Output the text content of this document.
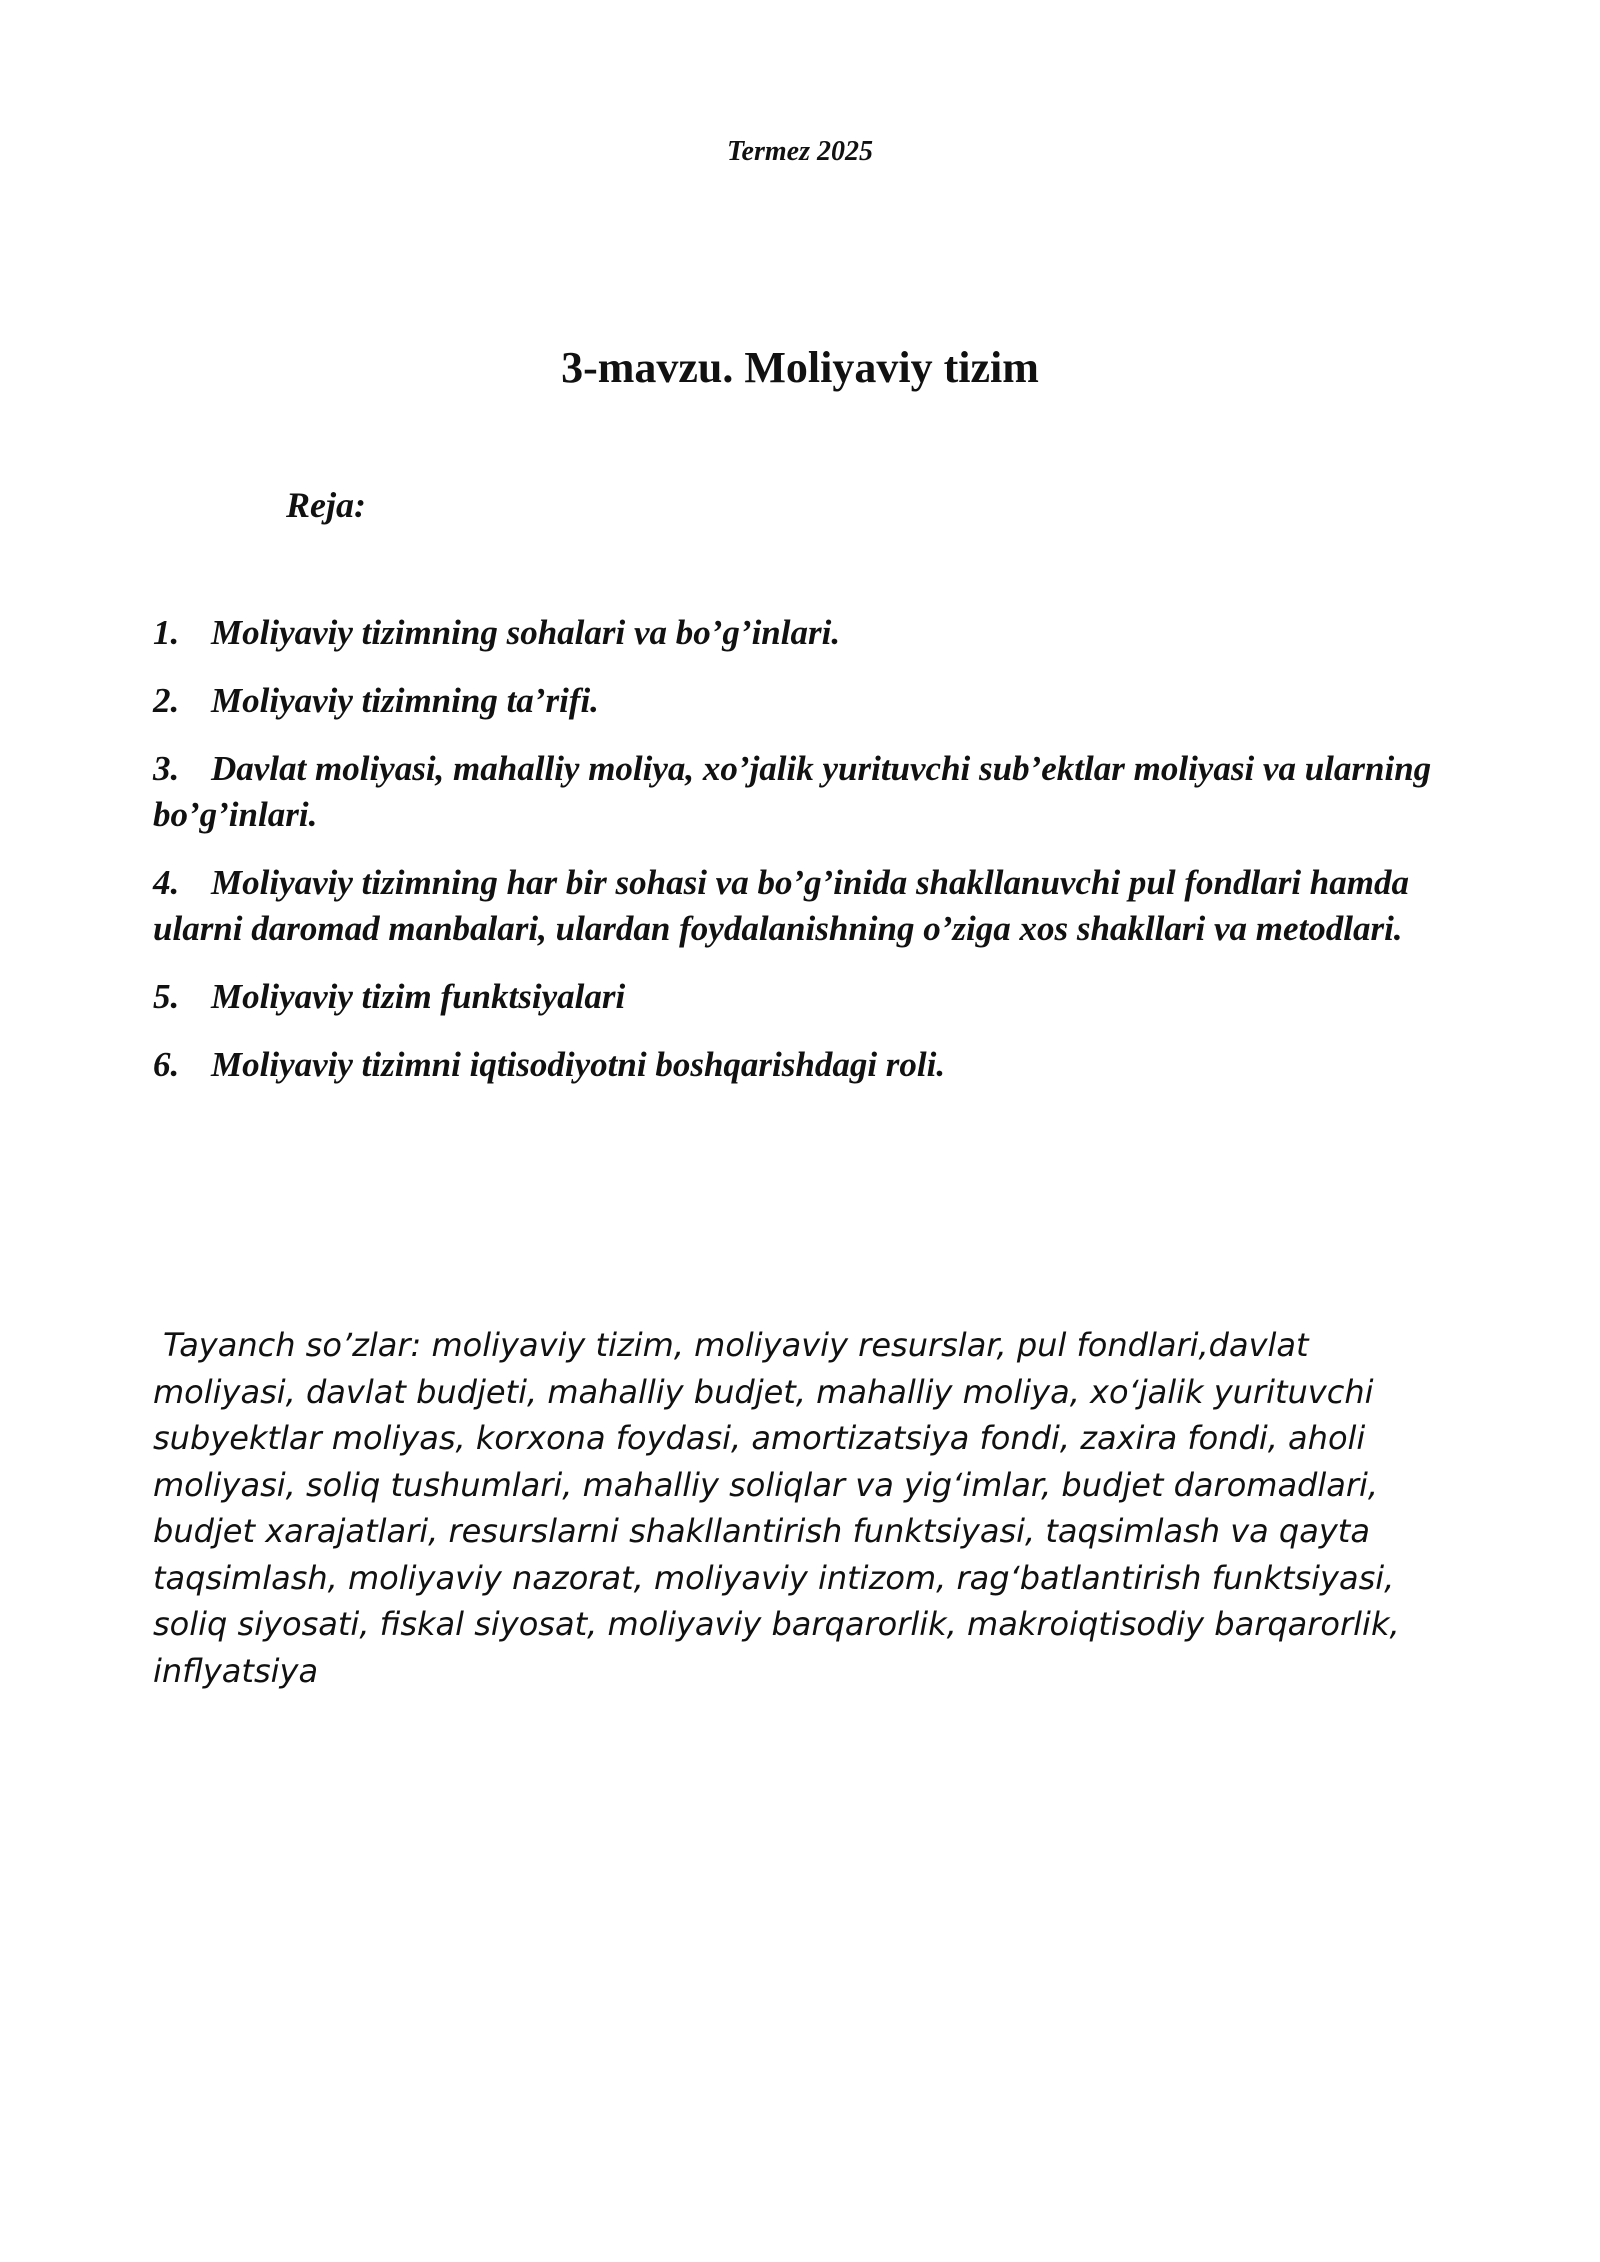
Termez 2025
3-mavzu. Moliyaviy tizim
Reja:
1. Moliyaviy tizimning sohalari va bo’g’inlari.
2. Moliyaviy tizimning ta’rifi.
3. Davlat moliyasi, mahalliy moliya, xo’jalik yurituvchi sub’ektlar moliyasi va ularning bo’g’inlari.
4. Moliyaviy tizimning har bir sohasi va bo’g’inida shakllanuvchi pul fondlari hamda ularni daromad manbalari, ulardan foydalanishning o’ziga xos shakllari va metodlari.
5. Moliyaviy tizim funktsiyalari
6. Moliyaviy tizimni iqtisodiyotni boshqarishdagi roli.

Tayanch so’zlar: moliyaviy tizim, moliyaviy resurslar, pul fondlari,davlat moliyasi, davlat budjeti, mahalliy budjet, mahalliy moliya, xo‘jalik yurituvchi subyektlar moliyas, korxona foydasi, amortizatsiya fondi, zaxira fondi, aholi moliyasi, soliq tushumlari, mahalliy soliqlar va yig‘imlar, budjet daromadlari, budjet xarajatlari, resurslarni shakllantirish funktsiyasi, taqsimlash va qayta taqsimlash, moliyaviy nazorat, moliyaviy intizom, rag‘batlantirish funktsiyasi, soliq siyosati, fiskal siyosat, moliyaviy barqarorlik, makroiqtisodiy barqarorlik, inflyatsiya
